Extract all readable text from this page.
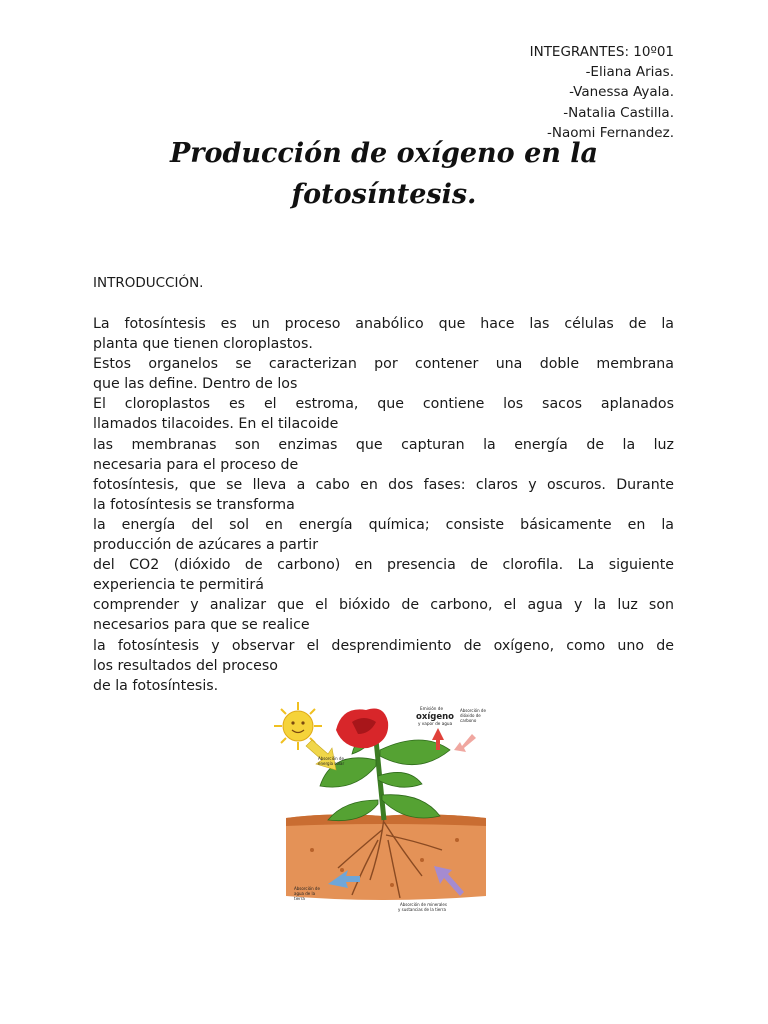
INTEGRANTES: 10º01
-Eliana Arias.
-Vanessa Ayala.
-Natalia Castilla.
-Naomi Fernandez.
Producción de oxígeno en la
fotosíntesis.
INTRODUCCIÓN.
La fotosíntesis es un proceso anabólico que hace las células de la
planta que tienen cloroplastos.
Estos organelos se caracterizan por contener una doble membrana
que las define. Dentro de los
El cloroplastos es el estroma, que contiene los sacos aplanados
llamados tilacoides. En el tilacoide
las membranas son enzimas que capturan la energía de la luz
necesaria para el proceso de
fotosíntesis, que se lleva a cabo en dos fases: claros y oscuros. Durante
la fotosíntesis se transforma
la energía del sol en energía química; consiste básicamente en la
producción de azúcares a partir
del CO2 (dióxido de carbono) en presencia de clorofila. La siguiente
experiencia te permitirá
comprender y analizar que el bióxido de carbono, el agua y la luz son
necesarios para que se realice
la fotosíntesis y observar el desprendimiento de oxígeno, como uno de
los resultados del proceso
de la fotosíntesis.
Emisión de
oxígeno
y vapor de agua
Absorción de
dióxido de
carbono
Absorción de
energía solar
Absorción de
agua de la
tierra
Absorción de minerales
y sustancias de la tierra
